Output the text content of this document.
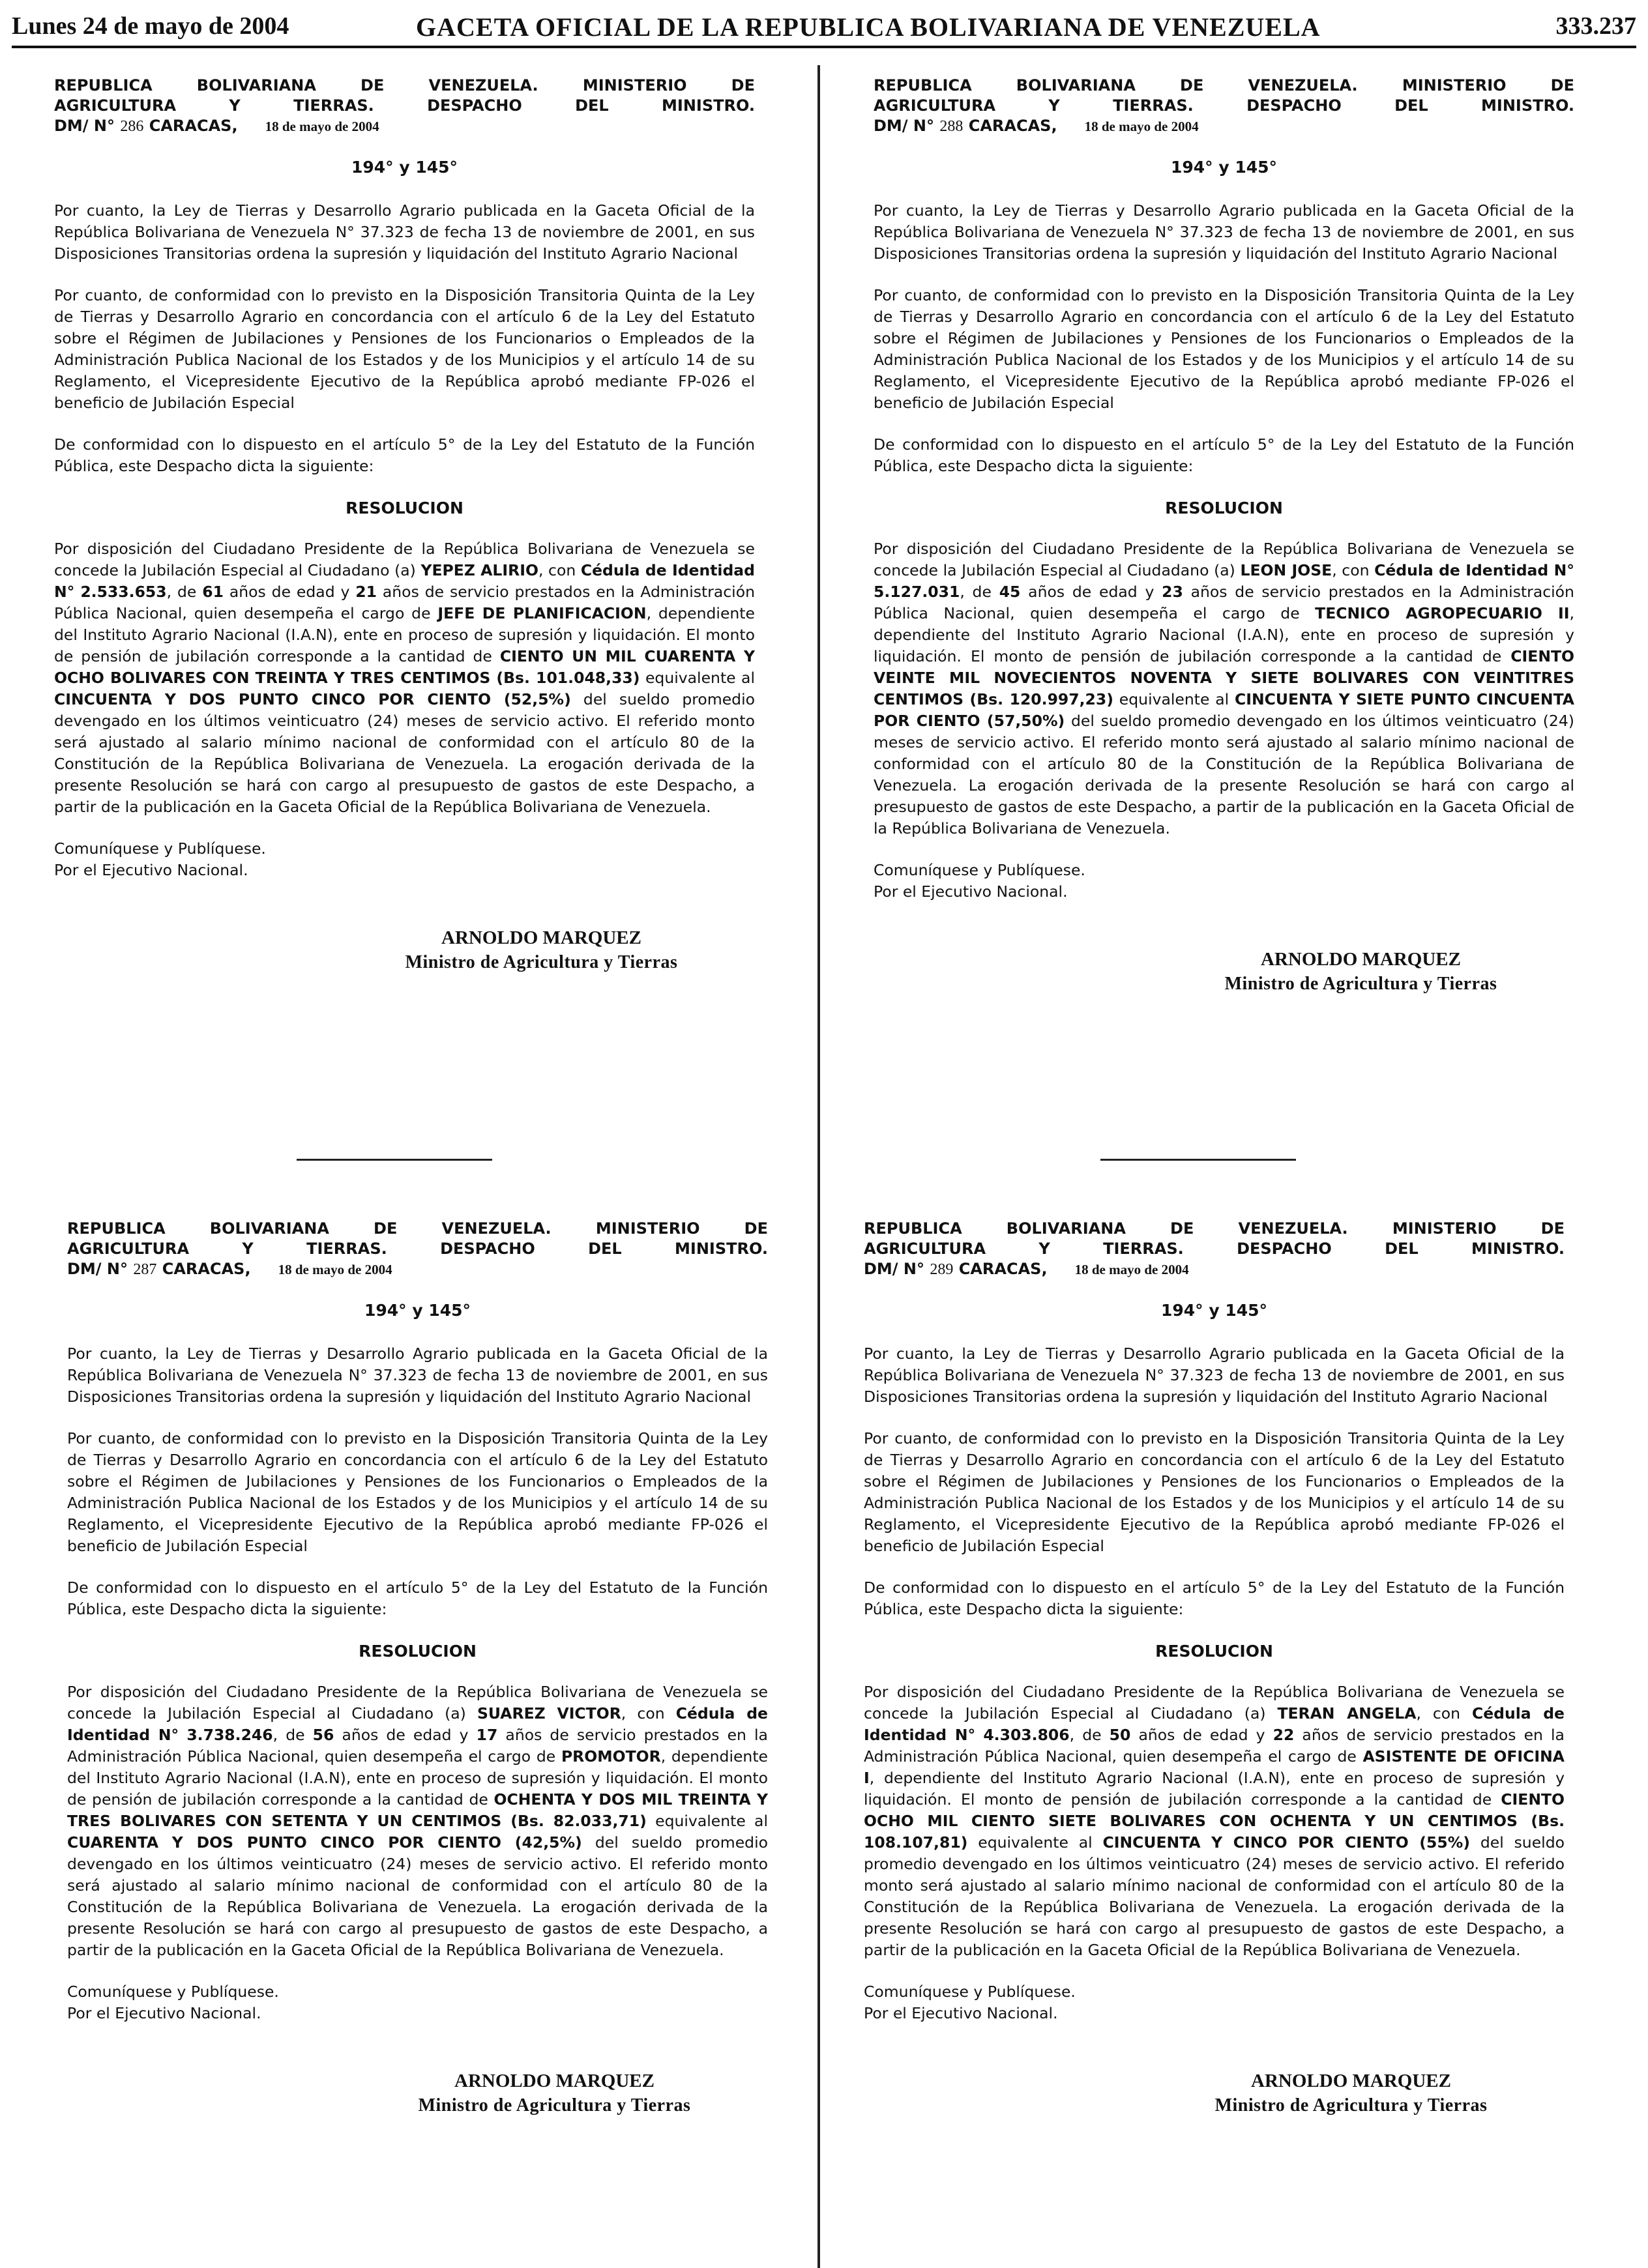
Lunes 24 de mayo de 2004	GACETA OFICIAL DE LA REPUBLICA BOLIVARIANA DE VENEZUELA	333.237

REPUBLICA BOLIVARIANA DE VENEZUELA. MINISTERIO DE

AGRICULTURA Y TIERRAS. DESPACHO DEL MINISTRO.

DM/ N° 286 CARACAS, 18 de mayo de 2004

194° y 145°

Por cuanto, la Ley de Tierras y Desarrollo Agrario publicada en la Gaceta Oficial de la República Bolivariana de Venezuela N° 37.323 de fecha 13 de noviembre de 2001, en sus Disposiciones Transitorias ordena la supresión y liquidación del Instituto Agrario Nacional

Por cuanto, de conformidad con lo previsto en la Disposición Transitoria Quinta de la Ley de Tierras y Desarrollo Agrario en concordancia con el artículo 6 de la Ley del Estatuto sobre el Régimen de Jubilaciones y Pensiones de los Funcionarios o Empleados de la Administración Publica Nacional de los Estados y de los Municipios y el artículo 14 de su Reglamento, el Vicepresidente Ejecutivo de la República aprobó mediante FP-026 el beneficio de Jubilación Especial

De conformidad con lo dispuesto en el artículo 5° de la Ley del Estatuto de la Función Pública, este Despacho dicta la siguiente:

RESOLUCION

Por disposición del Ciudadano Presidente de la República Bolivariana de Venezuela se concede la Jubilación Especial al Ciudadano (a) YEPEZ ALIRIO, con Cédula de Identidad N° 2.533.653, de 61 años de edad y 21 años de servicio prestados en la Administración Pública Nacional, quien desempeña el cargo de JEFE DE PLANIFICACION, dependiente del Instituto Agrario Nacional (I.A.N), ente en proceso de supresión y liquidación. El monto de pensión de jubilación corresponde a la cantidad de CIENTO UN MIL CUARENTA Y OCHO BOLIVARES CON TREINTA Y TRES CENTIMOS (Bs. 101.048,33) equivalente al CINCUENTA Y DOS PUNTO CINCO POR CIENTO (52,5%) del sueldo promedio devengado en los últimos veinticuatro (24) meses de servicio activo. El referido monto será ajustado al salario mínimo nacional de conformidad con el artículo 80 de la Constitución de la República Bolivariana de Venezuela. La erogación derivada de la presente Resolución se hará con cargo al presupuesto de gastos de este Despacho, a partir de la publicación en la Gaceta Oficial de la República Bolivariana de Venezuela.

Comuníquese y Publíquese.

Por el Ejecutivo Nacional.

ARNOLDO MARQUEZ

Ministro de Agricultura y Tierras

REPUBLICA BOLIVARIANA DE VENEZUELA. MINISTERIO DE

AGRICULTURA Y TIERRAS. DESPACHO DEL MINISTRO.

DM/ N° 288 CARACAS, 18 de mayo de 2004

194° y 145°

Por cuanto, la Ley de Tierras y Desarrollo Agrario publicada en la Gaceta Oficial de la República Bolivariana de Venezuela N° 37.323 de fecha 13 de noviembre de 2001, en sus Disposiciones Transitorias ordena la supresión y liquidación del Instituto Agrario Nacional

Por cuanto, de conformidad con lo previsto en la Disposición Transitoria Quinta de la Ley de Tierras y Desarrollo Agrario en concordancia con el artículo 6 de la Ley del Estatuto sobre el Régimen de Jubilaciones y Pensiones de los Funcionarios o Empleados de la Administración Publica Nacional de los Estados y de los Municipios y el artículo 14 de su Reglamento, el Vicepresidente Ejecutivo de la República aprobó mediante FP-026 el beneficio de Jubilación Especial

De conformidad con lo dispuesto en el artículo 5° de la Ley del Estatuto de la Función Pública, este Despacho dicta la siguiente:

RESOLUCION

Por disposición del Ciudadano Presidente de la República Bolivariana de Venezuela se concede la Jubilación Especial al Ciudadano (a) LEON JOSE, con Cédula de Identidad N° 5.127.031, de 45 años de edad y 23 años de servicio prestados en la Administración Pública Nacional, quien desempeña el cargo de TECNICO AGROPECUARIO II, dependiente del Instituto Agrario Nacional (I.A.N), ente en proceso de supresión y liquidación. El monto de pensión de jubilación corresponde a la cantidad de CIENTO VEINTE MIL NOVECIENTOS NOVENTA Y SIETE BOLIVARES CON VEINTITRES CENTIMOS (Bs. 120.997,23) equivalente al CINCUENTA Y SIETE PUNTO CINCUENTA POR CIENTO (57,50%) del sueldo promedio devengado en los últimos veinticuatro (24) meses de servicio activo. El referido monto será ajustado al salario mínimo nacional de conformidad con el artículo 80 de la Constitución de la República Bolivariana de Venezuela. La erogación derivada de la presente Resolución se hará con cargo al presupuesto de gastos de este Despacho, a partir de la publicación en la Gaceta Oficial de la República Bolivariana de Venezuela.

Comuníquese y Publíquese.

Por el Ejecutivo Nacional.

ARNOLDO MARQUEZ

Ministro de Agricultura y Tierras

REPUBLICA BOLIVARIANA DE VENEZUELA. MINISTERIO DE

AGRICULTURA Y TIERRAS. DESPACHO DEL MINISTRO.

DM/ N° 287 CARACAS, 18 de mayo de 2004

194° y 145°

Por cuanto, la Ley de Tierras y Desarrollo Agrario publicada en la Gaceta Oficial de la República Bolivariana de Venezuela N° 37.323 de fecha 13 de noviembre de 2001, en sus Disposiciones Transitorias ordena la supresión y liquidación del Instituto Agrario Nacional

Por cuanto, de conformidad con lo previsto en la Disposición Transitoria Quinta de la Ley de Tierras y Desarrollo Agrario en concordancia con el artículo 6 de la Ley del Estatuto sobre el Régimen de Jubilaciones y Pensiones de los Funcionarios o Empleados de la Administración Publica Nacional de los Estados y de los Municipios y el artículo 14 de su Reglamento, el Vicepresidente Ejecutivo de la República aprobó mediante FP-026 el beneficio de Jubilación Especial

De conformidad con lo dispuesto en el artículo 5° de la Ley del Estatuto de la Función Pública, este Despacho dicta la siguiente:

RESOLUCION

Por disposición del Ciudadano Presidente de la República Bolivariana de Venezuela se concede la Jubilación Especial al Ciudadano (a) SUAREZ VICTOR, con Cédula de Identidad N° 3.738.246, de 56 años de edad y 17 años de servicio prestados en la Administración Pública Nacional, quien desempeña el cargo de PROMOTOR, dependiente del Instituto Agrario Nacional (I.A.N), ente en proceso de supresión y liquidación. El monto de pensión de jubilación corresponde a la cantidad de OCHENTA Y DOS MIL TREINTA Y TRES BOLIVARES CON SETENTA Y UN CENTIMOS (Bs. 82.033,71) equivalente al CUARENTA Y DOS PUNTO CINCO POR CIENTO (42,5%) del sueldo promedio devengado en los últimos veinticuatro (24) meses de servicio activo. El referido monto será ajustado al salario mínimo nacional de conformidad con el artículo 80 de la Constitución de la República Bolivariana de Venezuela. La erogación derivada de la presente Resolución se hará con cargo al presupuesto de gastos de este Despacho, a partir de la publicación en la Gaceta Oficial de la República Bolivariana de Venezuela.

Comuníquese y Publíquese.

Por el Ejecutivo Nacional.

ARNOLDO MARQUEZ

Ministro de Agricultura y Tierras

REPUBLICA BOLIVARIANA DE VENEZUELA. MINISTERIO DE

AGRICULTURA Y TIERRAS. DESPACHO DEL MINISTRO.

DM/ N° 289 CARACAS, 18 de mayo de 2004

194° y 145°

Por cuanto, la Ley de Tierras y Desarrollo Agrario publicada en la Gaceta Oficial de la República Bolivariana de Venezuela N° 37.323 de fecha 13 de noviembre de 2001, en sus Disposiciones Transitorias ordena la supresión y liquidación del Instituto Agrario Nacional

Por cuanto, de conformidad con lo previsto en la Disposición Transitoria Quinta de la Ley de Tierras y Desarrollo Agrario en concordancia con el artículo 6 de la Ley del Estatuto sobre el Régimen de Jubilaciones y Pensiones de los Funcionarios o Empleados de la Administración Publica Nacional de los Estados y de los Municipios y el artículo 14 de su Reglamento, el Vicepresidente Ejecutivo de la República aprobó mediante FP-026 el beneficio de Jubilación Especial

De conformidad con lo dispuesto en el artículo 5° de la Ley del Estatuto de la Función Pública, este Despacho dicta la siguiente:

RESOLUCION

Por disposición del Ciudadano Presidente de la República Bolivariana de Venezuela se concede la Jubilación Especial al Ciudadano (a) TERAN ANGELA, con Cédula de Identidad N° 4.303.806, de 50 años de edad y 22 años de servicio prestados en la Administración Pública Nacional, quien desempeña el cargo de ASISTENTE DE OFICINA I, dependiente del Instituto Agrario Nacional (I.A.N), ente en proceso de supresión y liquidación. El monto de pensión de jubilación corresponde a la cantidad de CIENTO OCHO MIL CIENTO SIETE BOLIVARES CON OCHENTA Y UN CENTIMOS (Bs. 108.107,81) equivalente al CINCUENTA Y CINCO POR CIENTO (55%) del sueldo promedio devengado en los últimos veinticuatro (24) meses de servicio activo. El referido monto será ajustado al salario mínimo nacional de conformidad con el artículo 80 de la Constitución de la República Bolivariana de Venezuela. La erogación derivada de la presente Resolución se hará con cargo al presupuesto de gastos de este Despacho, a partir de la publicación en la Gaceta Oficial de la República Bolivariana de Venezuela.

Comuníquese y Publíquese.

Por el Ejecutivo Nacional.

ARNOLDO MARQUEZ

Ministro de Agricultura y Tierras
